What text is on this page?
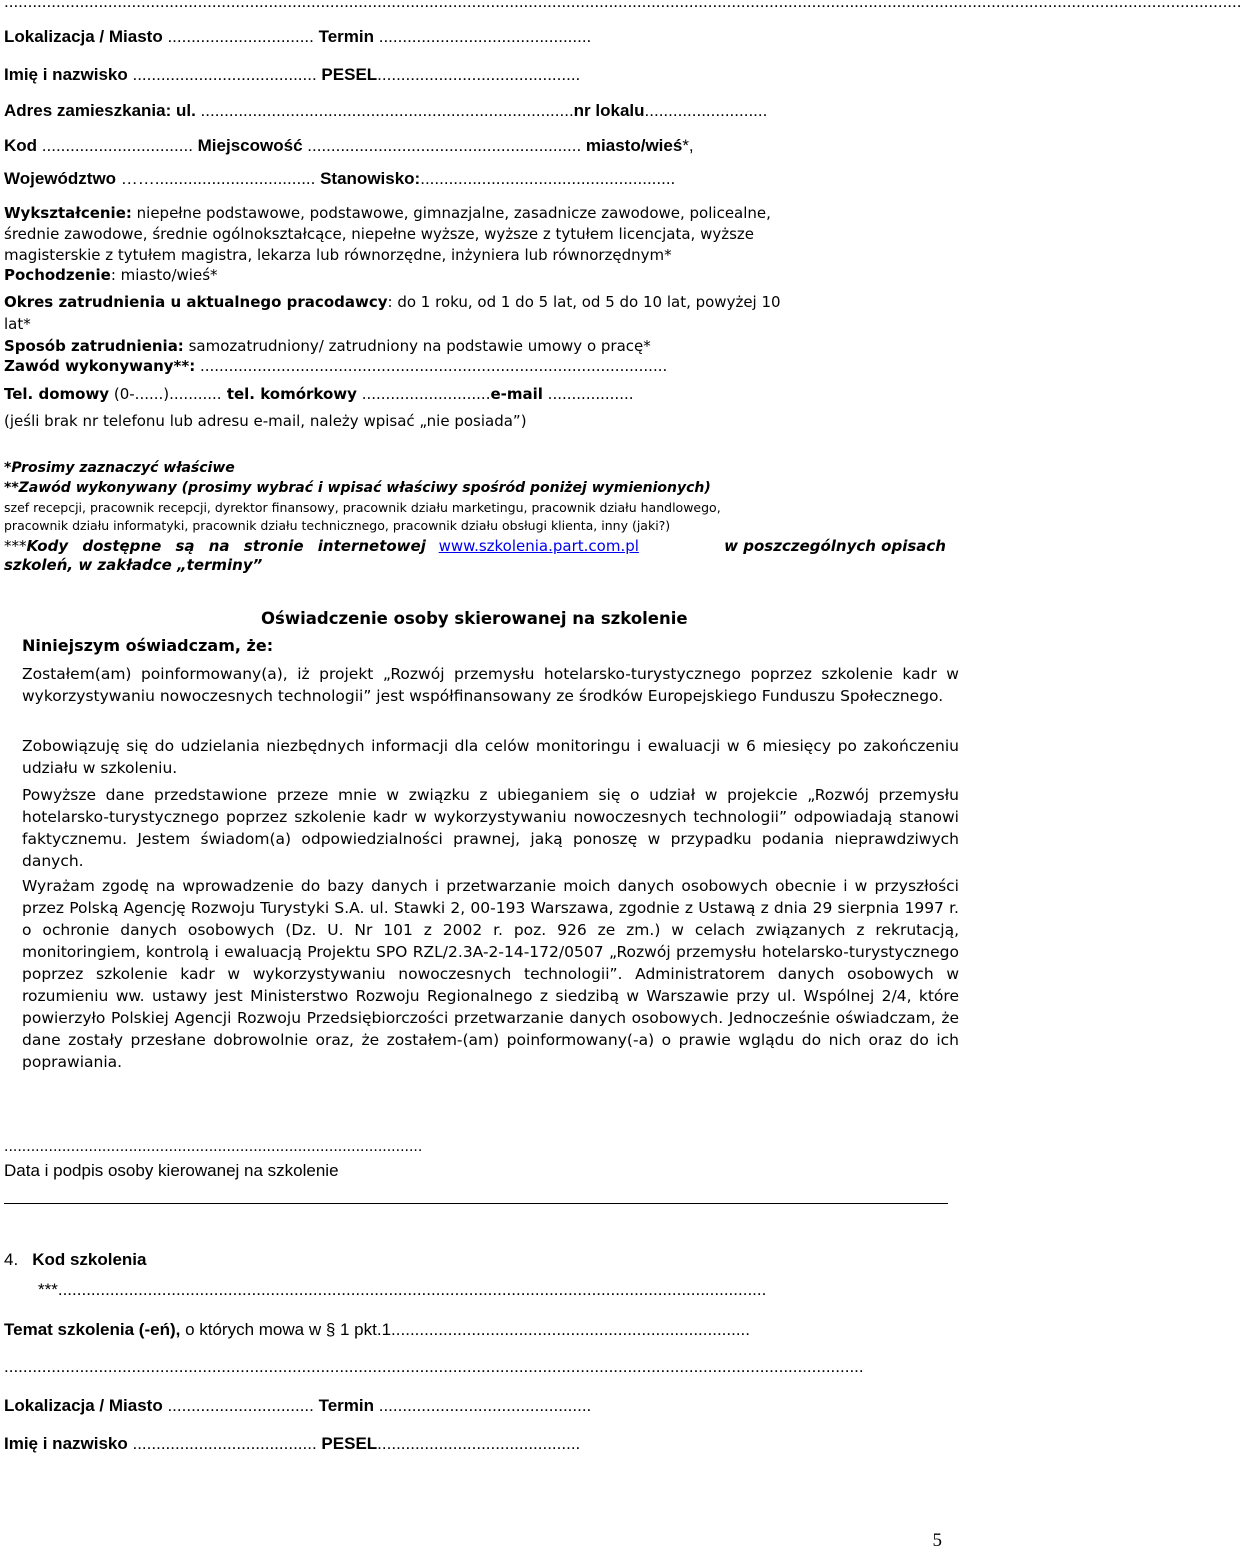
......................................................................................................................................................................................................................................................................
Lokalizacja / Miasto ............................... Termin .............................................
Imię i nazwisko ....................................... PESEL...........................................
Adres zamieszkania: ul. ...............................................................................nr lokalu..........................
Kod ................................ Miejscowość .......................................................... miasto/wieś*,
Województwo …….................................. Stanowisko:......................................................
Wykształcenie: niepełne podstawowe, podstawowe, gimnazjalne, zasadnicze zawodowe, policealne,
średnie zawodowe, średnie ogólnokształcące, niepełne wyższe, wyższe z tytułem licencjata, wyższe
magisterskie z tytułem magistra, lekarza lub równorzędne, inżyniera lub równorzędnym*
Pochodzenie: miasto/wieś*
Okres zatrudnienia u aktualnego pracodawcy: do 1 roku, od 1 do 5 lat, od 5 do 10 lat, powyżej 10
lat*
Sposób zatrudnienia: samozatrudniony/ zatrudniony na podstawie umowy o pracę*
Zawód wykonywany**: ..................................................................................................
Tel. domowy (0-......)........... tel. komórkowy ...........................e-mail ..................
(jeśli brak nr telefonu lub adresu e-mail, należy wpisać „nie posiada”)
*Prosimy zaznaczyć właściwe
**Zawód wykonywany (prosimy wybrać i wpisać właściwy spośród poniżej wymienionych)
szef recepcji, pracownik recepcji, dyrektor finansowy, pracownik działu marketingu, pracownik działu handlowego,
pracownik działu informatyki, pracownik działu technicznego, pracownik działu obsługi klienta, inny (jaki?)
***Kody dostępne są na stronie internetowej www.szkolenia.part.com.pl	w poszczególnych opisach
szkoleń, w zakładce „terminy”
Oświadczenie osoby skierowanej na szkolenie
Niniejszym oświadczam, że:

Zostałem(am) poinformowany(a), iż projekt „Rozwój przemysłu hotelarsko-turystycznego poprzez szkolenie kadr w wykorzystywaniu nowoczesnych technologii” jest współfinansowany ze środków Europejskiego Funduszu Społecznego.

Zobowiązuję się do udzielania niezbędnych informacji dla celów monitoringu i ewaluacji w 6 miesięcy po zakończeniu udziału w szkoleniu.

Powyższe dane przedstawione przeze mnie w związku z ubieganiem się o udział w projekcie „Rozwój przemysłu hotelarsko-turystycznego poprzez szkolenie kadr w wykorzystywaniu nowoczesnych technologii” odpowiadają stanowi faktycznemu. Jestem świadom(a) odpowiedzialności prawnej, jaką ponoszę w przypadku podania nieprawdziwych danych.

Wyrażam zgodę na wprowadzenie do bazy danych i przetwarzanie moich danych osobowych obecnie i w przyszłości przez Polską Agencję Rozwoju Turystyki S.A. ul. Stawki 2, 00-193 Warszawa, zgodnie z Ustawą z dnia 29 sierpnia 1997 r. o ochronie danych osobowych (Dz. U. Nr 101 z 2002 r. poz. 926 ze zm.) w celach związanych z rekrutacją, monitoringiem, kontrolą i ewaluacją Projektu SPO RZL/2.3A-2-14-172/0507 „Rozwój przemysłu hotelarsko-turystycznego poprzez szkolenie kadr w wykorzystywaniu nowoczesnych technologii”. Administratorem danych osobowych w rozumieniu ww. ustawy jest Ministerstwo Rozwoju Regionalnego z siedzibą w Warszawie przy ul. Wspólnej 2/4, które powierzyło Polskiej Agencji Rozwoju Przedsiębiorczości przetwarzanie danych osobowych. Jednocześnie oświadczam, że dane zostały przesłane dobrowolnie oraz, że zostałem-(am) poinformowany(-a) o prawie wglądu do nich oraz do ich poprawiania.

..............................................................................................
Data i podpis osoby kierowanej na szkolenie
4. Kod szkolenia
***......................................................................................................................................................
Temat szkolenia (-eń), o których mowa w § 1 pkt.1............................................................................
......................................................................................................................................................................................
Lokalizacja / Miasto ............................... Termin .............................................
Imię i nazwisko ....................................... PESEL...........................................
5
